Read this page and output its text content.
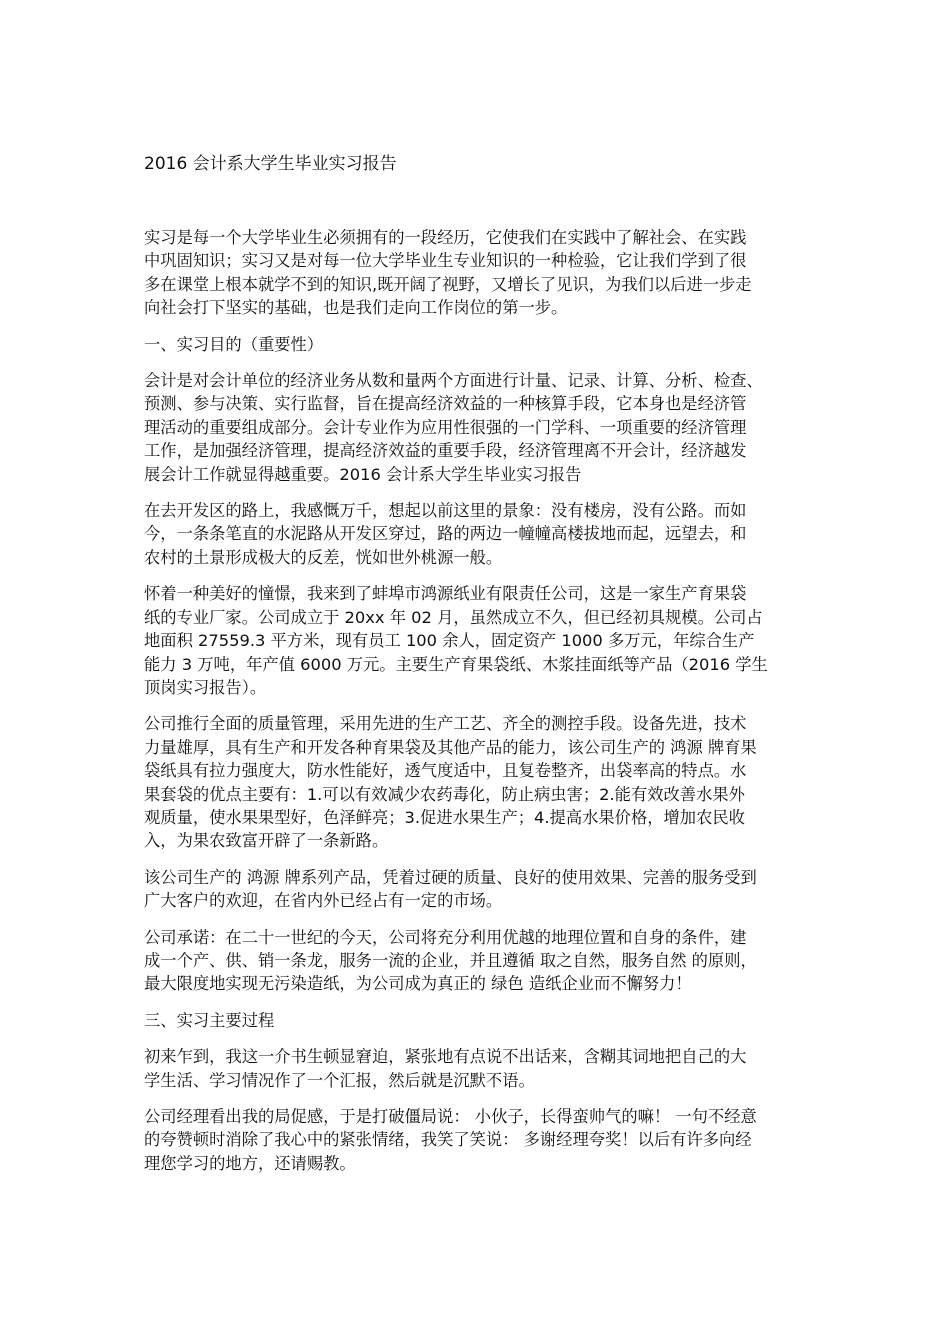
2016 会计系大学生毕业实习报告

实习是每一个大学毕业生必须拥有的一段经历，它使我们在实践中了解社会、在实践
中巩固知识；实习又是对每一位大学毕业生专业知识的一种检验，它让我们学到了很
多在课堂上根本就学不到的知识,既开阔了视野，又增长了见识，为我们以后进一步走
向社会打下坚实的基础，也是我们走向工作岗位的第一步。

一、实习目的（重要性）

会计是对会计单位的经济业务从数和量两个方面进行计量、记录、计算、分析、检查、
预测、参与决策、实行监督，旨在提高经济效益的一种核算手段，它本身也是经济管
理活动的重要组成部分。会计专业作为应用性很强的一门学科、一项重要的经济管理
工作，是加强经济管理，提高经济效益的重要手段，经济管理离不开会计，经济越发
展会计工作就显得越重要。2016 会计系大学生毕业实习报告

在去开发区的路上，我感慨万千，想起以前这里的景象：没有楼房，没有公路。而如
今，一条条笔直的水泥路从开发区穿过，路的两边一幢幢高楼拔地而起，远望去，和
农村的土景形成极大的反差，恍如世外桃源一般。

怀着一种美好的憧憬，我来到了蚌埠市鸿源纸业有限责任公司，这是一家生产育果袋
纸的专业厂家。公司成立于 20xx 年 02 月，虽然成立不久，但已经初具规模。公司占
地面积 27559.3 平方米，现有员工 100 余人，固定资产 1000 多万元，年综合生产
能力 3 万吨，年产值 6000 万元。主要生产育果袋纸、木浆挂面纸等产品（2016 学生
顶岗实习报告）。

公司推行全面的质量管理，采用先进的生产工艺、齐全的测控手段。设备先进，技术
力量雄厚，具有生产和开发各种育果袋及其他产品的能力，该公司生产的 鸿源 牌育果
袋纸具有拉力强度大，防水性能好，透气度适中，且复卷整齐，出袋率高的特点。水
果套袋的优点主要有：1.可以有效减少农药毒化，防止病虫害；2.能有效改善水果外
观质量，使水果果型好，色泽鲜亮；3.促进水果生产；4.提高水果价格，增加农民收
入，为果农致富开辟了一条新路。

该公司生产的 鸿源 牌系列产品，凭着过硬的质量、良好的使用效果、完善的服务受到
广大客户的欢迎，在省内外已经占有一定的市场。

公司承诺：在二十一世纪的今天，公司将充分利用优越的地理位置和自身的条件，建
成一个产、供、销一条龙，服务一流的企业，并且遵循 取之自然，服务自然 的原则，
最大限度地实现无污染造纸，为公司成为真正的 绿色 造纸企业而不懈努力！

三、实习主要过程

初来乍到，我这一介书生顿显窘迫，紧张地有点说不出话来，含糊其词地把自己的大
学生活、学习情况作了一个汇报，然后就是沉默不语。

公司经理看出我的局促感，于是打破僵局说： 小伙子，长得蛮帅气的嘛！ 一句不经意
的夸赞顿时消除了我心中的紧张情绪，我笑了笑说： 多谢经理夸奖！以后有许多向经
理您学习的地方，还请赐教。
